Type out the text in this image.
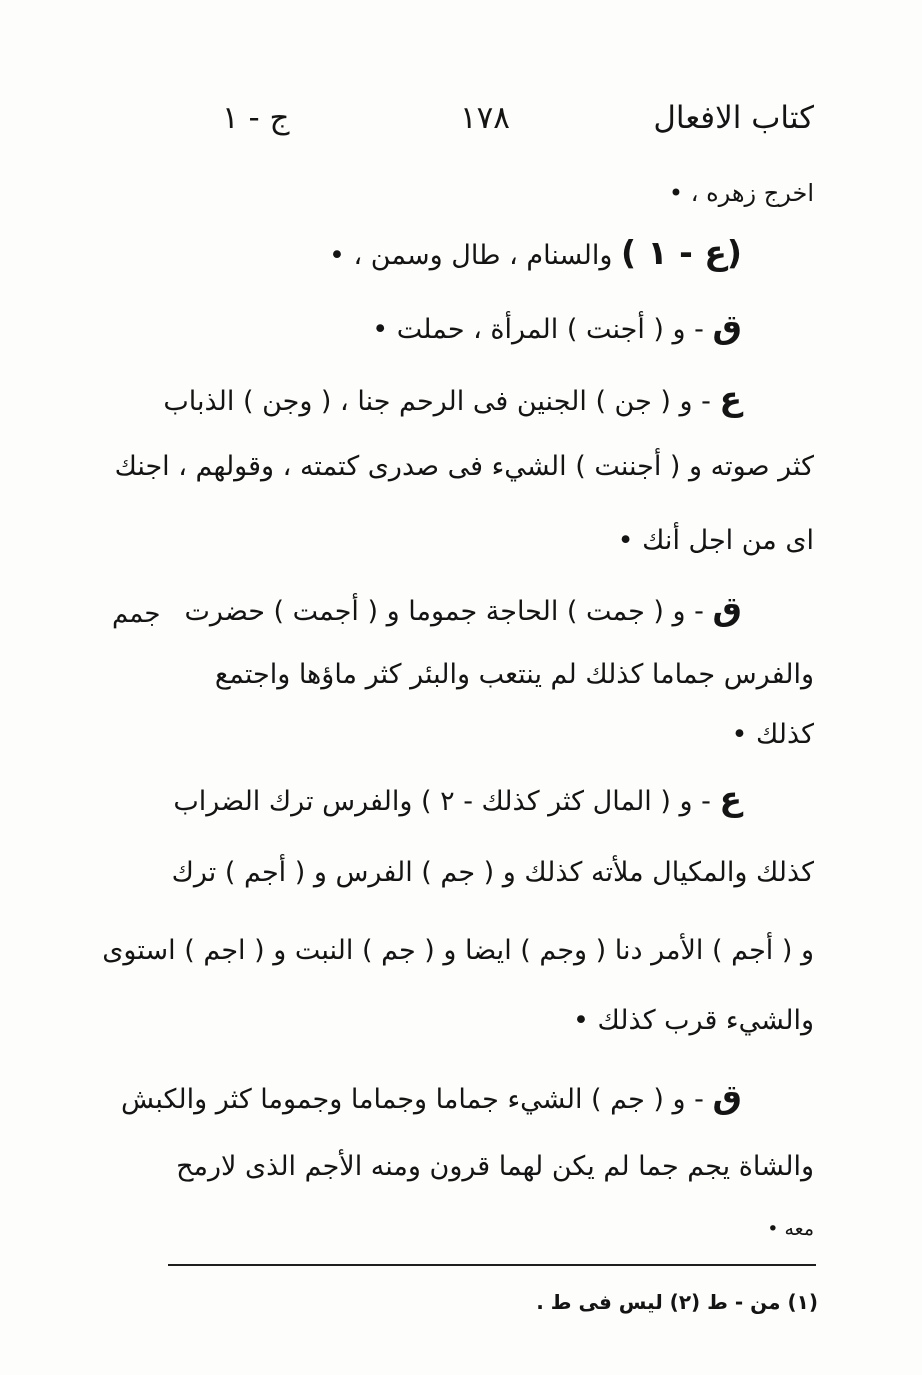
كتاب الافعال
١٧٨
ج - ١
اخرج زهره ، •
(ع - ١ ) والسنام ، طال وسمن ، •
ق - و ( أجنت ) المرأة ، حملت •
ع - و ( جن ) الجنين فى الرحم جنا ، ( وجن ) الذباب
كثر صوته و ( أجننت ) الشيء فى صدرى كتمته ، وقولهم ، اجنك
اى من اجل أنك •
ق - و ( جمت ) الحاجة جموما و ( أجمت ) حضرت
والفرس جماما كذلك لم ينتعب والبئر كثر ماؤها واجتمع
كذلك •
ع - و ( المال كثر كذلك - ٢ ) والفرس ترك الضراب
كذلك والمكيال ملأته كذلك و ( جم ) الفرس و ( أجم ) ترك
و ( أجم ) الأمر دنا ( وجم ) ايضا و ( جم ) النبت و ( اجم ) استوى
والشيء قرب كذلك •
ق - و ( جم ) الشيء جماما وجماما وجموما كثر والكبش
والشاة يجم جما لم يكن لهما قرون ومنه الأجم الذى لارمح
معه •
جمم
(١) من - ط (٢) ليس فى ط .
